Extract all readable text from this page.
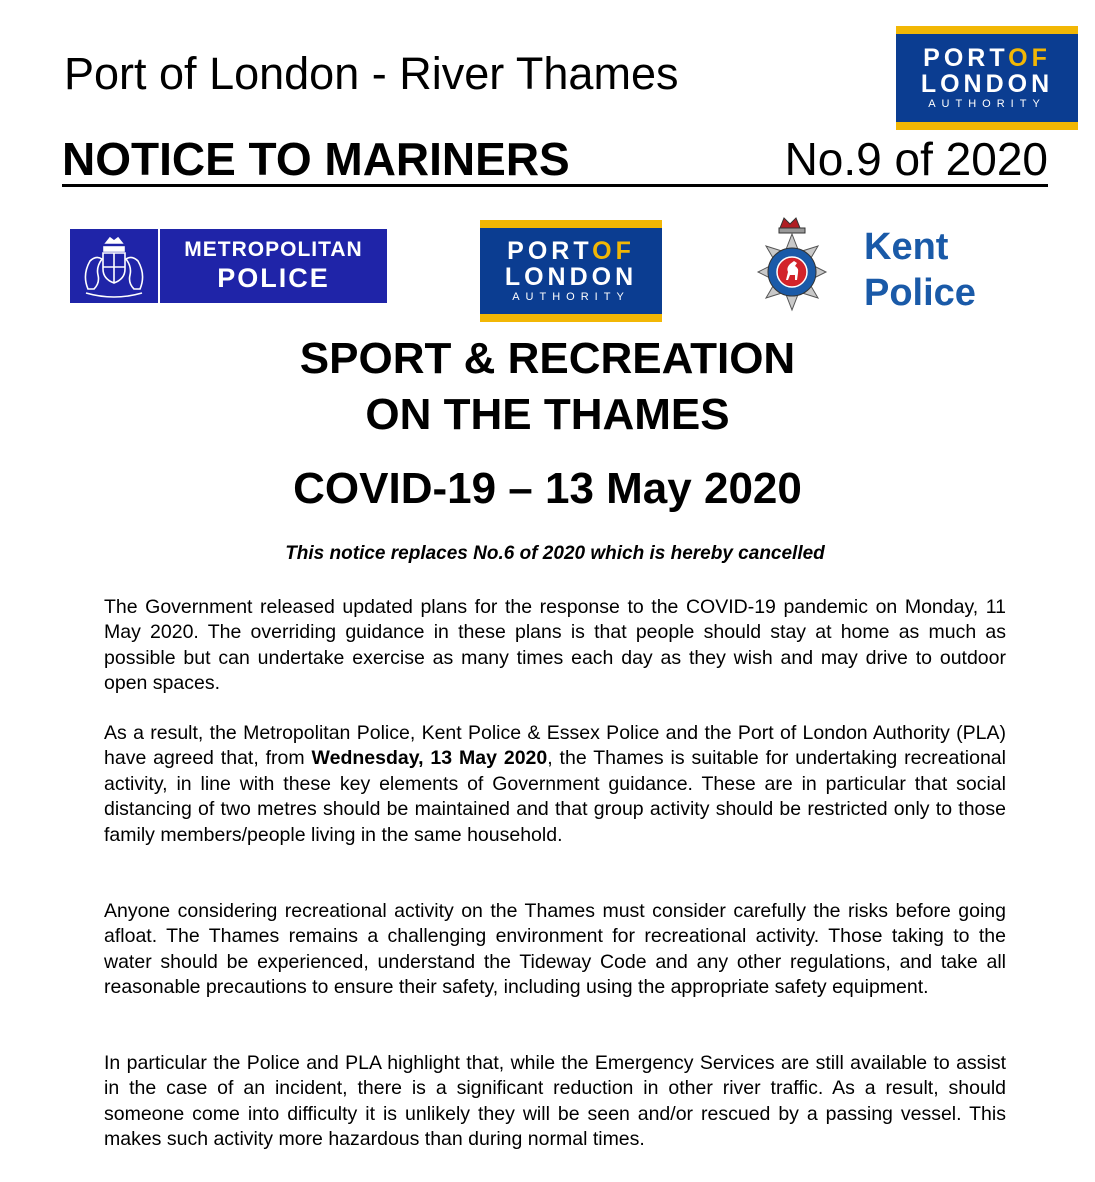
Port of London - River Thames	PORTOF
LONDON
AUTHORITY
NOTICE TO MARINERS	No.9 of 2020
METROPOLITAN
POLICE
PORTOF
LONDON
AUTHORITY
Kent
Police
SPORT & RECREATION
ON THE THAMES
COVID-19 – 13 May 2020
This notice replaces No.6 of 2020 which is hereby cancelled
The Government released updated plans for the response to the COVID-19 pandemic on Monday, 11 May 2020. The overriding guidance in these plans is that people should stay at home as much as possible but can undertake exercise as many times each day as they wish and may drive to outdoor open spaces.
As a result, the Metropolitan Police, Kent Police & Essex Police and the Port of London Authority (PLA) have agreed that, from Wednesday, 13 May 2020, the Thames is suitable for undertaking recreational activity, in line with these key elements of Government guidance. These are in particular that social distancing of two metres should be maintained and that group activity should be restricted only to those family members/people living in the same household.
Anyone considering recreational activity on the Thames must consider carefully the risks before going afloat. The Thames remains a challenging environment for recreational activity. Those taking to the water should be experienced, understand the Tideway Code and any other regulations, and take all reasonable precautions to ensure their safety, including using the appropriate safety equipment.
In particular the Police and PLA highlight that, while the Emergency Services are still available to assist in the case of an incident, there is a significant reduction in other river traffic. As a result, should someone come into difficulty it is unlikely they will be seen and/or rescued by a passing vessel. This makes such activity more hazardous than during normal times.
